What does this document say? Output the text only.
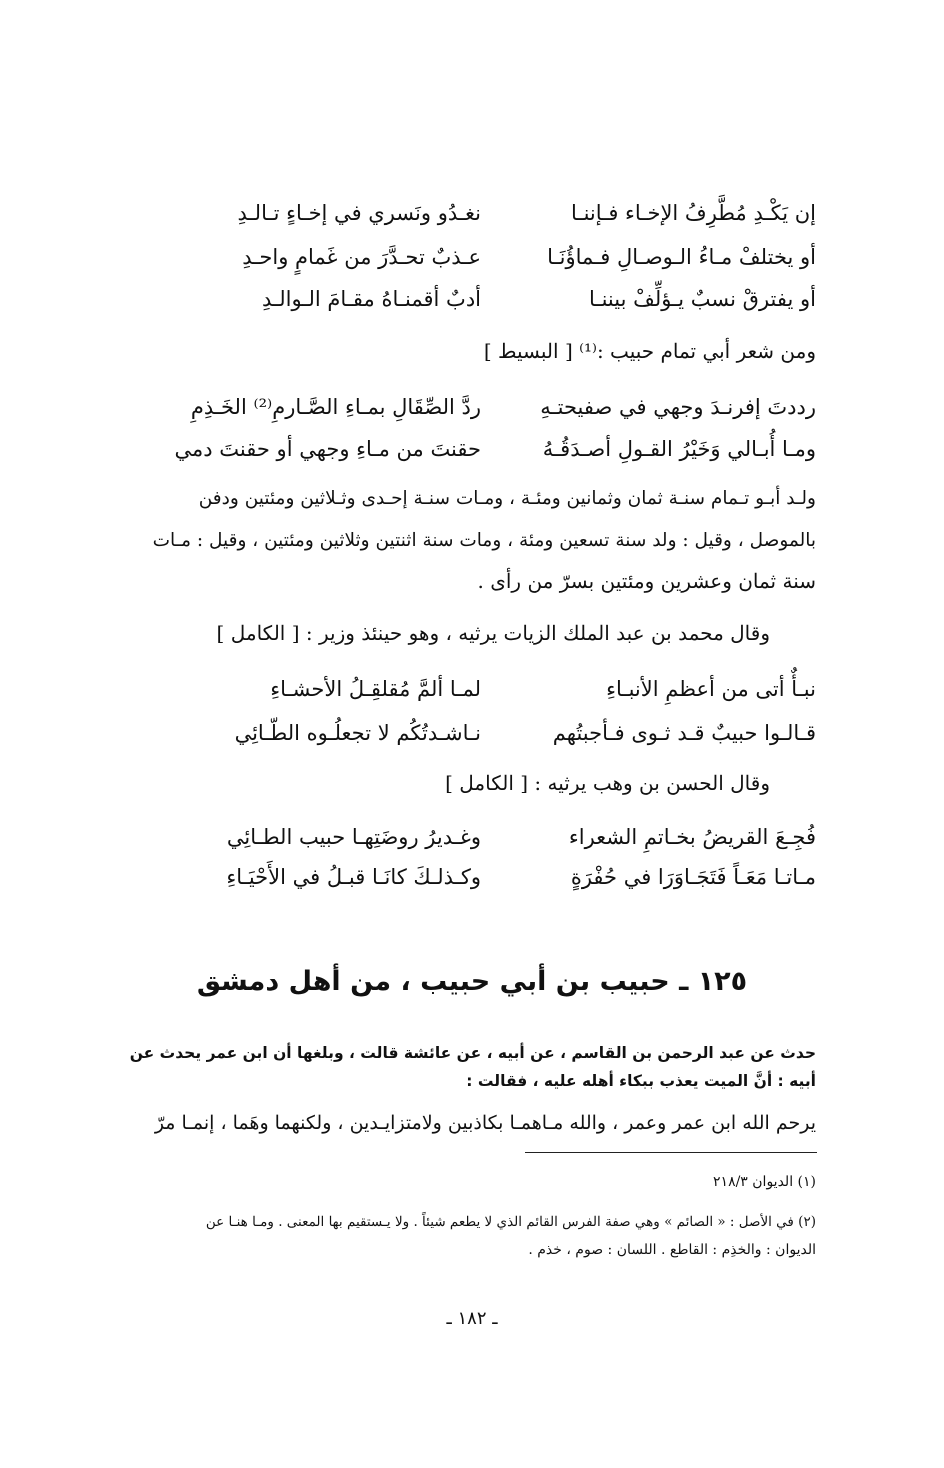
إن يَكْـدِ مُطَّرِفُ الإخـاء فـإننـا
نغـدُو ونَسري في إخـاءٍ تـالـدِ
أو يختلفْ مـاءُ الـوصـالِ فـماؤُنَـا
عـذبٌ تحـدَّرَ من غَمامٍ واحـدِ
أو يفترقْ نسبٌ يـؤلِّفْ بيننـا
أدبٌ أقمنـاهُ مقـامَ الـوالـدِ
ومن شعر أبي تمام حبيب :⁽¹⁾ [ البسيط ]
رددتَ إفرنـدَ وجهي في صفيحتـهِ
ردَّ الصِّقَالِ بمـاءِ الصَّـارمِ⁽²⁾ الخَـذِمِ
ومـا أُبـالي وَخَيْرُ القـولِ أصـدَقُـهُ
حقنتَ من مـاءِ وجهي أو حقنتَ دمي
ولـد أبـو تـمام سنـة ثمان وثمانين ومئـة ، ومـات سنـة إحـدى وثـلاثين ومئتين ودفن
بالموصل ، وقيل : ولد سنة تسعين ومئة ، ومات سنة اثنتين وثلاثين ومئتين ، وقيل : مـات
سنة ثمان وعشرين ومئتين بسرّ من رأى .
وقال محمد بن عبد الملك الزيات يرثيه ، وهو حينئذ وزير : [ الكامل ]
نبـأٌ أتى من أعظمِ الأنبـاءِ
لمـا ألمَّ مُقلقِـلُ الأحشـاءِ
قـالـوا حبيبٌ قـد ثـوى فـأجبتُهم
نـاشـدتُكُم لا تجعلُـوه الطّـائِي
وقال الحسن بن وهب يرثيه : [ الكامل ]
فُجِـعَ القريضُ بخـاتمِ الشعراء
وغـديرُ روضَتِهـا حبيب الطـائِي
مـاتـا مَعَـاً فَتَجَـاوَرَا في حُفْرَةٍ
وكـذلـكَ كانَـا قبـلُ في الأَحْيَـاءِ
١٢٥ ـ حبيب بن أبي حبيب ، من أهل دمشق
حدث عن عبد الرحمن بن القاسم ، عن أبيه ، عن عائشة قالت ، وبلغها أن ابن عمر يحدث عن
أبيه : أنَّ الميت يعذب ببكاء أهله عليه ، فقالت :
يرحم الله ابن عمر وعمر ، والله مـاهمـا بكاذبين ولامتزايـدين ، ولكنهما وهَما ، إنمـا مرّ
(١) الديوان ٢١٨/٣
(٢) في الأصل : « الصائم » وهي صفة الفرس القائم الذي لا يطعم شيئاً . ولا يـستقيم بها المعنى . ومـا هنـا عن
الديوان : والخذِم : القاطع . اللسان : صوم ، خذم .
ـ ١٨٢ ـ
